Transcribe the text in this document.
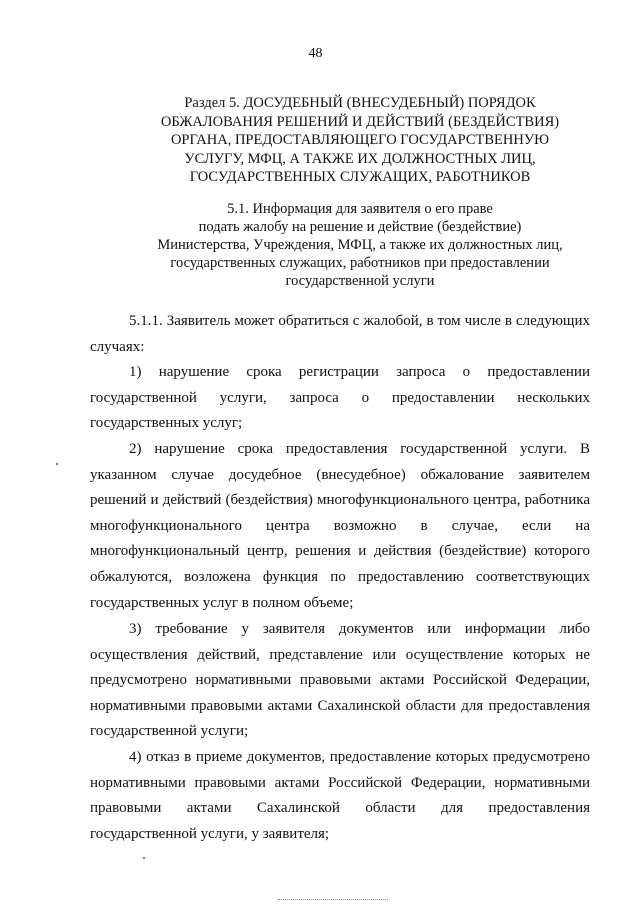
48
Раздел 5. ДОСУДЕБНЫЙ (ВНЕСУДЕБНЫЙ) ПОРЯДОК
ОБЖАЛОВАНИЯ РЕШЕНИЙ И ДЕЙСТВИЙ (БЕЗДЕЙСТВИЯ)
ОРГАНА, ПРЕДОСТАВЛЯЮЩЕГО ГОСУДАРСТВЕННУЮ
УСЛУГУ, МФЦ, А ТАКЖЕ ИХ ДОЛЖНОСТНЫХ ЛИЦ,
ГОСУДАРСТВЕННЫХ СЛУЖАЩИХ, РАБОТНИКОВ
5.1. Информация для заявителя о его праве
подать жалобу на решение и действие (бездействие)
Министерства, Учреждения, МФЦ, а также их должностных лиц,
государственных служащих, работников при предоставлении
государственной услуги
5.1.1. Заявитель может обратиться с жалобой, в том числе в следующих
случаях:
1) нарушение срока регистрации запроса о предоставлении
государственной услуги, запроса о предоставлении нескольких
государственных услуг;
2) нарушение срока предоставления государственной услуги. В
указанном случае досудебное (внесудебное) обжалование заявителем
решений и действий (бездействия) многофункционального центра, работника
многофункционального центра возможно в случае, если на
многофункциональный центр, решения и действия (бездействие) которого
обжалуются, возложена функция по предоставлению соответствующих
государственных услуг в полном объеме;
3) требование у заявителя документов или информации либо
осуществления действий, представление или осуществление которых не
предусмотрено нормативными правовыми актами Российской Федерации,
нормативными правовыми актами Сахалинской области для предоставления
государственной услуги;
4) отказ в приеме документов, предоставление которых предусмотрено
нормативными правовыми актами Российской Федерации, нормативными
правовыми актами Сахалинской области для предоставления
государственной услуги, у заявителя;
